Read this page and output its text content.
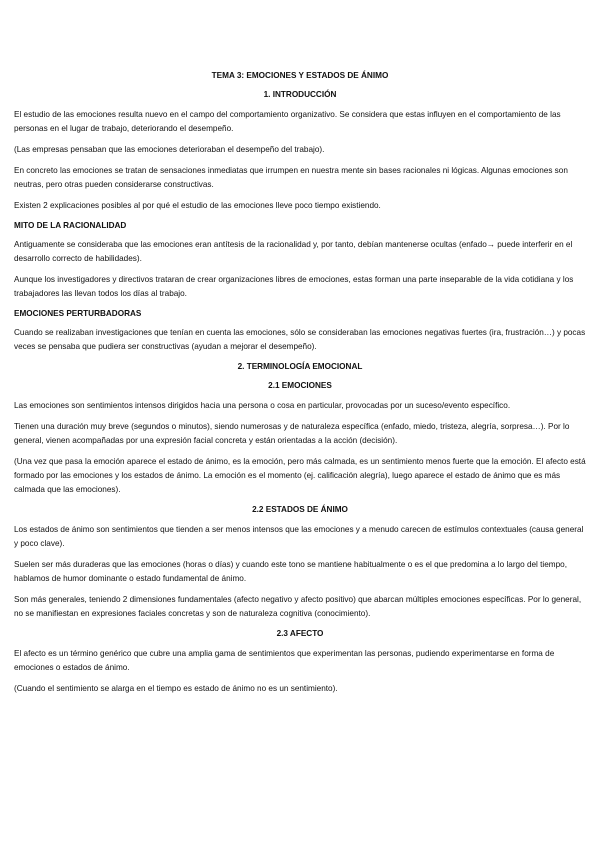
TEMA 3: EMOCIONES Y ESTADOS DE ÁNIMO
1. INTRODUCCIÓN

El estudio de las emociones resulta nuevo en el campo del comportamiento organizativo. Se considera que estas influyen en el comportamiento de las personas en el lugar de trabajo, deteriorando el desempeño.

(Las empresas pensaban que las emociones deterioraban el desempeño del trabajo).

En concreto las emociones se tratan de sensaciones inmediatas que irrumpen en nuestra mente sin bases racionales ni lógicas. Algunas emociones son neutras, pero otras pueden considerarse constructivas.

Existen 2 explicaciones posibles al por qué el estudio de las emociones lleve poco tiempo existiendo.

MITO DE LA RACIONALIDAD

Antiguamente se consideraba que las emociones eran antítesis de la racionalidad y, por tanto, debían mantenerse ocultas (enfado→ puede interferir en el desarrollo correcto de habilidades).

Aunque los investigadores y directivos trataran de crear organizaciones libres de emociones, estas forman una parte inseparable de la vida cotidiana y los trabajadores las llevan todos los días al trabajo.

EMOCIONES PERTURBADORAS

Cuando se realizaban investigaciones que tenían en cuenta las emociones, sólo se consideraban las emociones negativas fuertes (ira, frustración…) y pocas veces se pensaba que pudiera ser constructivas (ayudan a mejorar el desempeño).

2. TERMINOLOGÍA EMOCIONAL
2.1 EMOCIONES

Las emociones son sentimientos intensos dirigidos hacia una persona o cosa en particular, provocadas por un suceso/evento específico.

Tienen una duración muy breve (segundos o minutos), siendo numerosas y de naturaleza específica (enfado, miedo, tristeza, alegría, sorpresa…). Por lo general, vienen acompañadas por una expresión facial concreta y están orientadas a la acción (decisión).

(Una vez que pasa la emoción aparece el estado de ánimo, es la emoción, pero más calmada, es un sentimiento menos fuerte que la emoción. El afecto está formado por las emociones y los estados de ánimo. La emoción es el momento (ej. calificación alegría), luego aparece el estado de ánimo que es más calmada que las emociones).

2.2 ESTADOS DE ÁNIMO

Los estados de ánimo son sentimientos que tienden a ser menos intensos que las emociones y a menudo carecen de estímulos contextuales (causa general y poco clave).

Suelen ser más duraderas que las emociones (horas o días) y cuando este tono se mantiene habitualmente o es el que predomina a lo largo del tiempo, hablamos de humor dominante o estado fundamental de ánimo.

Son más generales, teniendo 2 dimensiones fundamentales (afecto negativo y afecto positivo) que abarcan múltiples emociones específicas. Por lo general, no se manifiestan en expresiones faciales concretas y son de naturaleza cognitiva (conocimiento).

2.3 AFECTO

El afecto es un término genérico que cubre una amplia gama de sentimientos que experimentan las personas, pudiendo experimentarse en forma de emociones o estados de ánimo.

(Cuando el sentimiento se alarga en el tiempo es estado de ánimo no es un sentimiento).
